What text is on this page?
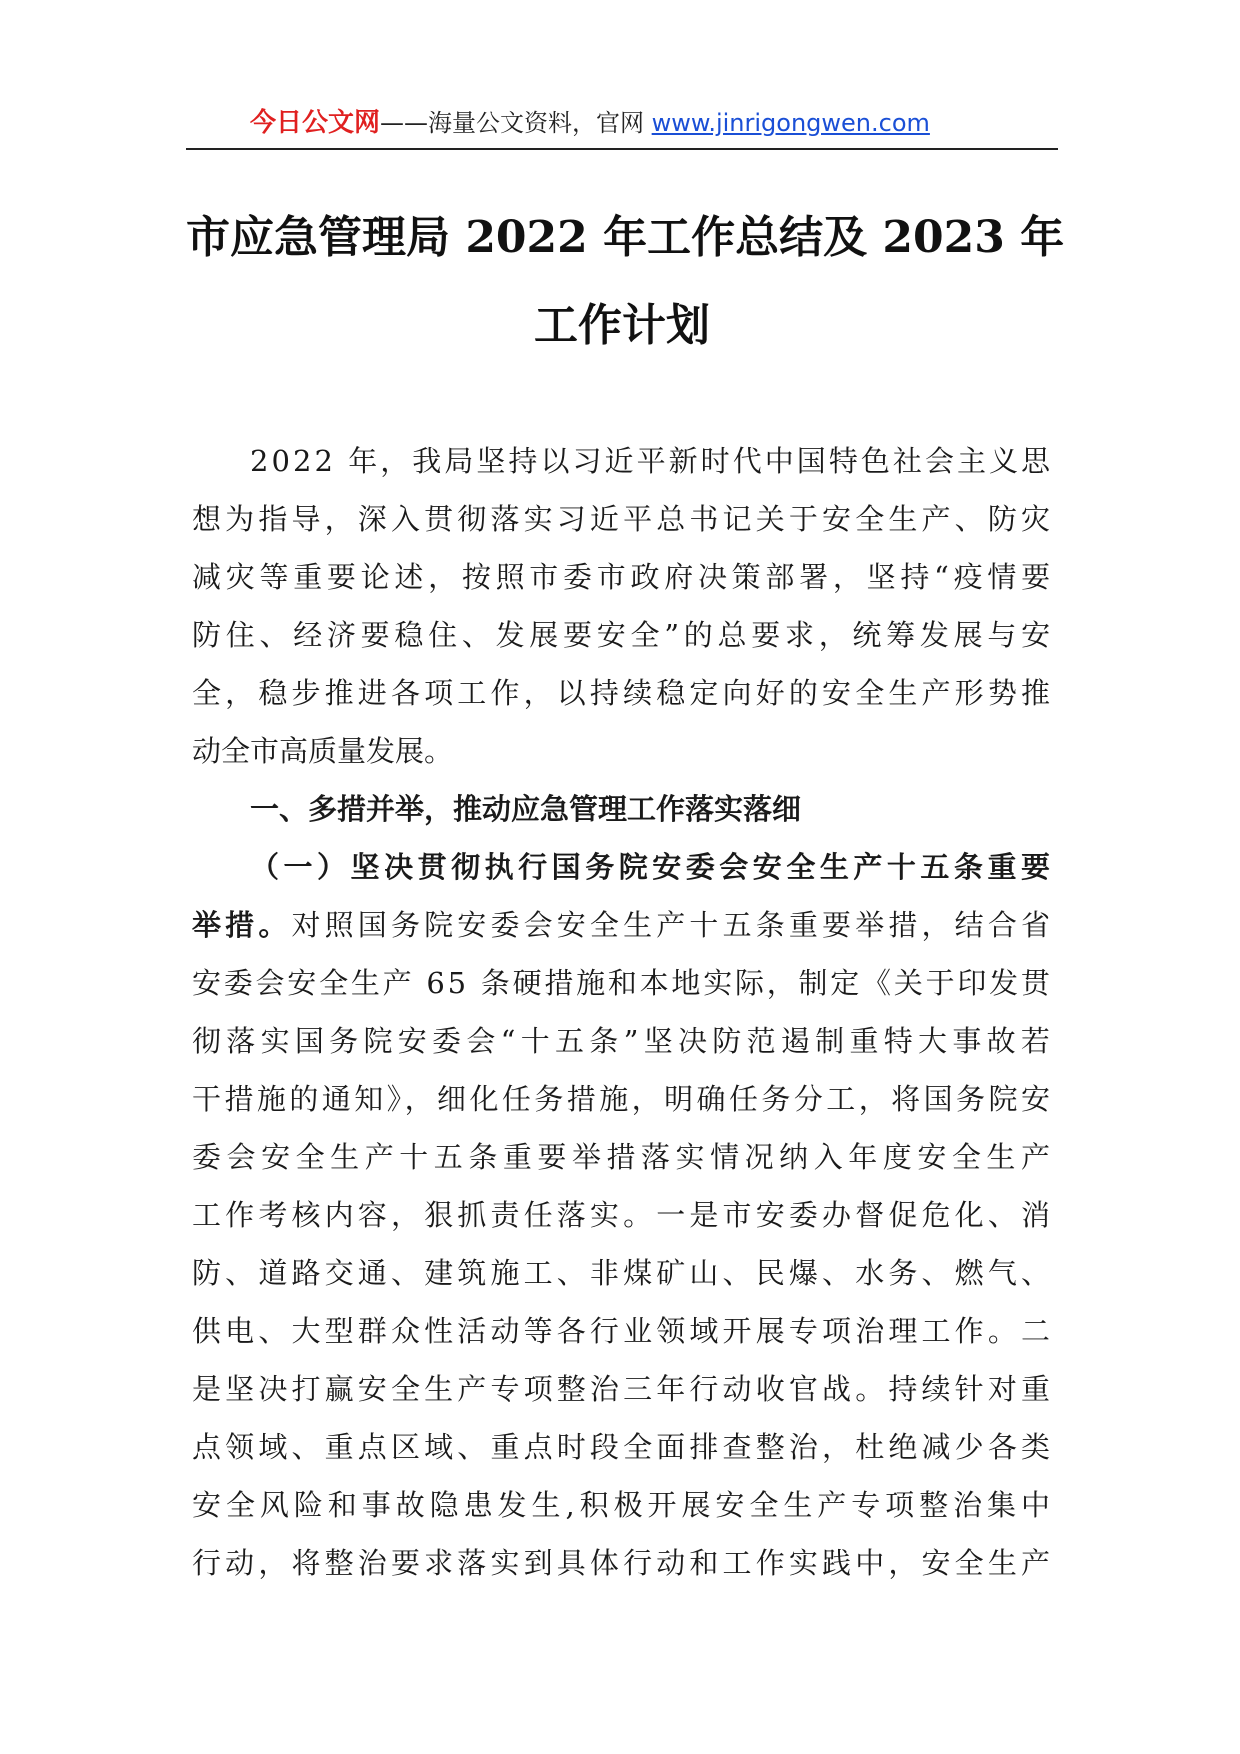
今日公文网——海量公文资料，官网 www.jinrigongwen.com
市应急管理局 2022 年工作总结及 2023 年
工作计划
2022 年，我局坚持以习近平新时代中国特色社会主义思
想为指导，深入贯彻落实习近平总书记关于安全生产、防灾
减灾等重要论述，按照市委市政府决策部署，坚持“疫情要
防住、经济要稳住、发展要安全”的总要求，统筹发展与安
全，稳步推进各项工作，以持续稳定向好的安全生产形势推
动全市高质量发展。
一、多措并举，推动应急管理工作落实落细
（一）坚决贯彻执行国务院安委会安全生产十五条重要
举措。对照国务院安委会安全生产十五条重要举措，结合省
安委会安全生产 65 条硬措施和本地实际，制定《关于印发贯
彻落实国务院安委会“十五条”坚决防范遏制重特大事故若
干措施的通知》，细化任务措施，明确任务分工，将国务院安
委会安全生产十五条重要举措落实情况纳入年度安全生产
工作考核内容，狠抓责任落实。一是市安委办督促危化、消
防、道路交通、建筑施工、非煤矿山、民爆、水务、燃气、
供电、大型群众性活动等各行业领域开展专项治理工作。二
是坚决打赢安全生产专项整治三年行动收官战。持续针对重
点领域、重点区域、重点时段全面排查整治，杜绝减少各类
安全风险和事故隐患发生,积极开展安全生产专项整治集中
行动，将整治要求落实到具体行动和工作实践中，安全生产
